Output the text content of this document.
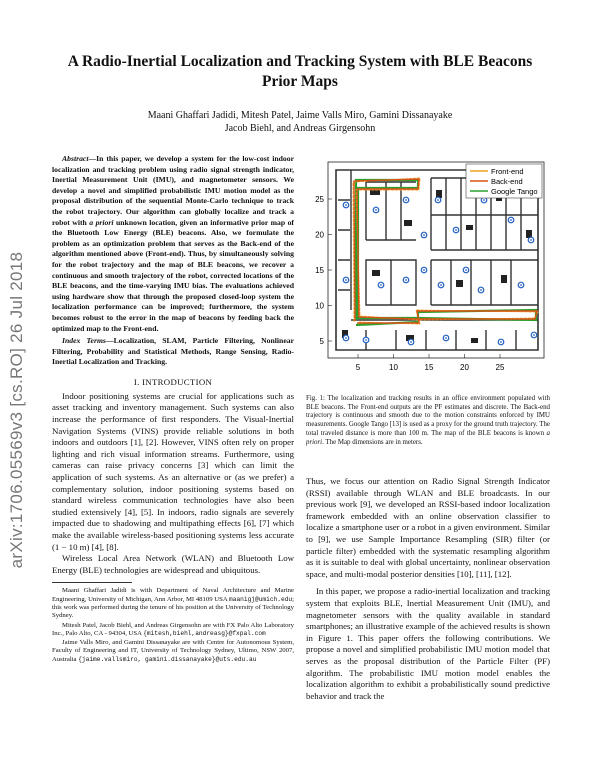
A Radio-Inertial Localization and Tracking System with BLE Beacons Prior Maps
Maani Ghaffari Jadidi, Mitesh Patel, Jaime Valls Miro, Gamini Dissanayake
Jacob Biehl, and Andreas Girgensohn
arXiv:1706.05569v3 [cs.RO] 26 Jul 2018

Abstract—In this paper, we develop a system for the low-cost indoor localization and tracking problem using radio signal strength indicator, Inertial Measurement Unit (IMU), and magnetometer sensors. We develop a novel and simplified probabilistic IMU motion model as the proposal distribution of the sequential Monte-Carlo technique to track the robot trajectory. Our algorithm can globally localize and track a robot with a priori unknown location, given an informative prior map of the Bluetooth Low Energy (BLE) beacons. Also, we formulate the problem as an optimization problem that serves as the Back-end of the algorithm mentioned above (Front-end). Thus, by simultaneously solving for the robot trajectory and the map of BLE beacons, we recover a continuous and smooth trajectory of the robot, corrected locations of the BLE beacons, and the time-varying IMU bias. The evaluations achieved using hardware show that through the proposed closed-loop system the localization performance can be improved; furthermore, the system becomes robust to the error in the map of beacons by feeding back the optimized map to the Front-end.

Index Terms—Localization, SLAM, Particle Filtering, Nonlinear Filtering, Probability and Statistical Methods, Range Sensing, Radio-Inertial Localization and Tracking.

I. INTRODUCTION

Indoor positioning systems are crucial for applications such as asset tracking and inventory management. Such systems can also increase the performance of first responders. The Visual-Inertial Navigation Systems (VINS) provide reliable solutions in both indoors and outdoors [1], [2]. However, VINS often rely on proper lighting and rich visual information streams. Furthermore, using cameras can raise privacy concerns [3] which can limit the application of such systems. As an alternative or (as we prefer) a complementary solution, indoor positioning systems based on standard wireless communication technologies have also been studied extensively [4], [5]. In indoors, radio signals are severely impacted due to shadowing and multipathing effects [6], [7] which make the available wireless-based positioning systems less accurate (1 − 10 m) [4], [8].

Wireless Local Area Network (WLAN) and Bluetooth Low Energy (BLE) technologies are widespread and ubiquitous.

Maani Ghaffari Jadidi is with Department of Naval Architecture and Marine Engineering, University of Michigan, Ann Arbor, MI 48109 USA maanigj@umich.edu; this work was performed during the tenure of his position at the University of Technology Sydney.

Mitesh Patel, Jacob Biehl, and Andreas Girgensohn are with FX Palo Alto Laboratory Inc., Palo Alto, CA - 94304, USA {mitesh,biehl,andreasg}@fxpal.com

Jaime Valls Miro, and Gamini Dissanayake are with Centre for Autonomous System, Faculty of Engineering and IT, University of Technology Sydney, Ultimo, NSW 2007, Australia {jaime.vallsmiro, gamini.dissanayake}@uts.edu.au

5	10	15	20	25
5
10
15
20
25
Front-end
Back-end
Google Tango
Fig. 1: The localization and tracking results in an office environment populated with BLE beacons. The Front-end outputs are the PF estimates and discrete. The Back-end trajectory is continuous and smooth due to the motion constraints enforced by IMU measurements. Google Tango [13] is used as a proxy for the ground truth trajectory. The total traveled distance is more than 100 m. The map of the BLE beacons is known a priori. The Map dimensions are in meters.

Thus, we focus our attention on Radio Signal Strength Indicator (RSSI) available through WLAN and BLE broadcasts. In our previous work [9], we developed an RSSI-based indoor localization framework embedded with an online observation classifier to localize a smartphone user or a robot in a given environment. Similar to [9], we use Sample Importance Resampling (SIR) filter (or particle filter) embedded with the systematic resampling algorithm as it is suitable to deal with global uncertainty, nonlinear observation space, and multi-modal posterior densities [10], [11], [12].

In this paper, we propose a radio-inertial localization and tracking system that exploits BLE, Inertial Measurement Unit (IMU), and magnetometer sensors with the quality available in standard smartphones; an illustrative example of the achieved results is shown in Figure 1. This paper offers the following contributions. We propose a novel and simplified probabilistic IMU motion model that serves as the proposal distribution of the Particle Filter (PF) algorithm. The probabilistic IMU motion model enables the localization algorithm to exhibit a probabilistically sound predictive behavior and track the
